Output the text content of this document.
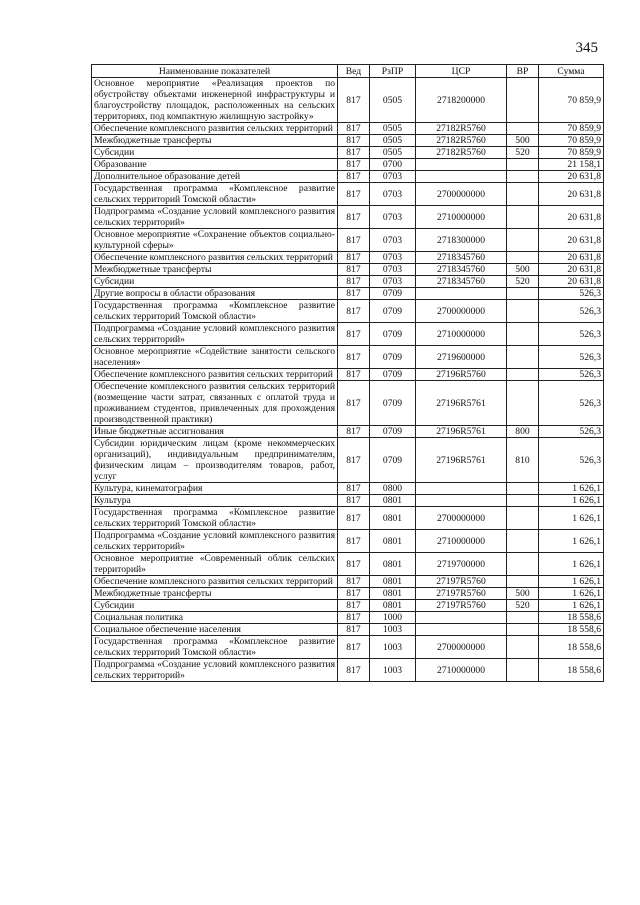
345
Наименование показателей	Вед	РзПР	ЦСР	ВР	Сумма
Основное мероприятие «Реализация проектов по обустройству объектами инженерной инфраструктуры и благоустройству площадок, расположенных на сельских территориях, под компактную жилищную застройку»	817	0505	2718200000		70 859,9
Обеспечение комплексного развития сельских территорий	817	0505	27182R5760		70 859,9
Межбюджетные трансферты	817	0505	27182R5760	500	70 859,9
Субсидии	817	0505	27182R5760	520	70 859,9
Образование	817	0700			21 158,1
Дополнительное образование детей	817	0703			20 631,8
Государственная программа «Комплексное развитие сельских территорий Томской области»	817	0703	2700000000		20 631,8
Подпрограмма «Создание условий комплексного развития сельских территорий»	817	0703	2710000000		20 631,8
Основное мероприятие «Сохранение объектов социально-культурной сферы»	817	0703	2718300000		20 631,8
Обеспечение комплексного развития сельских территорий	817	0703	2718345760		20 631,8
Межбюджетные трансферты	817	0703	2718345760	500	20 631,8
Субсидии	817	0703	2718345760	520	20 631,8
Другие вопросы в области образования	817	0709			526,3
Государственная программа «Комплексное развитие сельских территорий Томской области»	817	0709	2700000000		526,3
Подпрограмма «Создание условий комплексного развития сельских территорий»	817	0709	2710000000		526,3
Основное мероприятие «Содействие занятости сельского населения»	817	0709	2719600000		526,3
Обеспечение комплексного развития сельских территорий	817	0709	27196R5760		526,3
Обеспечение комплексного развития сельских территорий (возмещение части затрат, связанных с оплатой труда и проживанием студентов, привлеченных для прохождения производственной практики)	817	0709	27196R5761		526,3
Иные бюджетные ассигнования	817	0709	27196R5761	800	526,3
Субсидии юридическим лицам (кроме некоммерческих организаций), индивидуальным предпринимателям, физическим лицам – производителям товаров, работ, услуг	817	0709	27196R5761	810	526,3
Культура, кинематография	817	0800			1 626,1
Культура	817	0801			1 626,1
Государственная программа «Комплексное развитие сельских территорий Томской области»	817	0801	2700000000		1 626,1
Подпрограмма «Создание условий комплексного развития сельских территорий»	817	0801	2710000000		1 626,1
Основное мероприятие «Современный облик сельских территорий»	817	0801	2719700000		1 626,1
Обеспечение комплексного развития сельских территорий	817	0801	27197R5760		1 626,1
Межбюджетные трансферты	817	0801	27197R5760	500	1 626,1
Субсидии	817	0801	27197R5760	520	1 626,1
Социальная политика	817	1000			18 558,6
Социальное обеспечение населения	817	1003			18 558,6
Государственная программа «Комплексное развитие сельских территорий Томской области»	817	1003	2700000000		18 558,6
Подпрограмма «Создание условий комплексного развития сельских территорий»	817	1003	2710000000		18 558,6
